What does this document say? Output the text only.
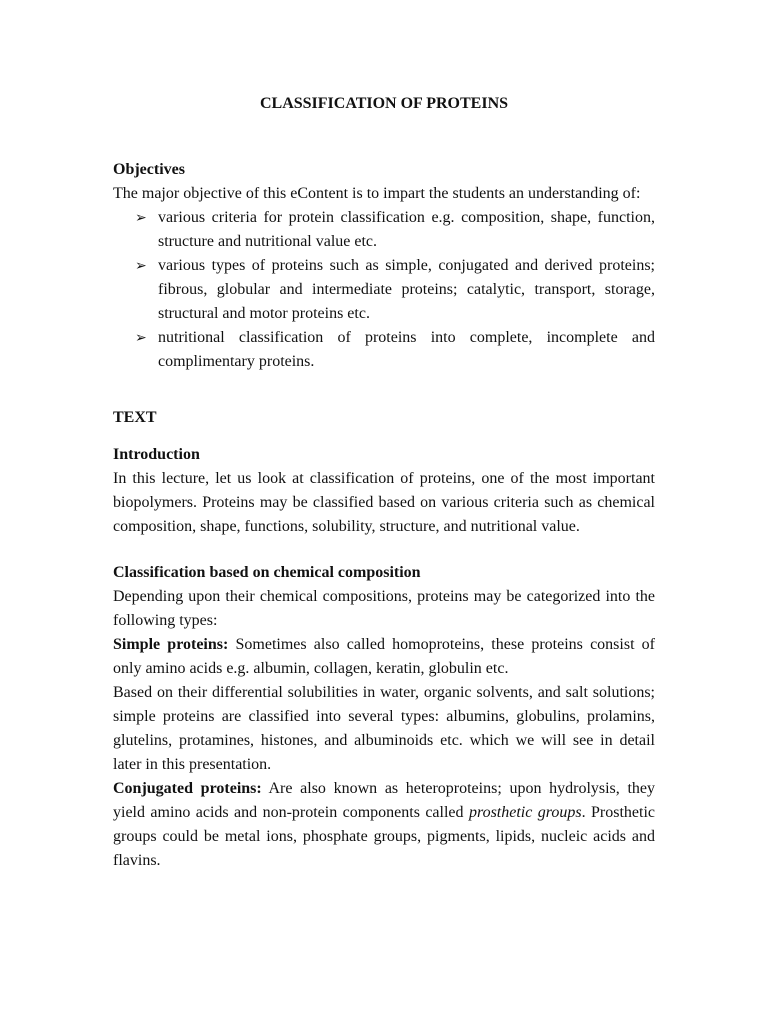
CLASSIFICATION OF PROTEINS
Objectives

The major objective of this eContent is to impart the students an understanding of:

➢ various criteria for protein classification e.g. composition, shape, function, structure and nutritional value etc.
➢ various types of proteins such as simple, conjugated and derived proteins; fibrous, globular and intermediate proteins; catalytic, transport, storage, structural and motor proteins etc.
➢ nutritional classification of proteins into complete, incomplete and complimentary proteins.
TEXT
Introduction

In this lecture, let us look at classification of proteins, one of the most important biopolymers. Proteins may be classified based on various criteria such as chemical composition, shape, functions, solubility, structure, and nutritional value.

Classification based on chemical composition

Depending upon their chemical compositions, proteins may be categorized into the following types:

Simple proteins: Sometimes also called homoproteins, these proteins consist of only amino acids e.g. albumin, collagen, keratin, globulin etc.

Based on their differential solubilities in water, organic solvents, and salt solutions; simple proteins are classified into several types: albumins, globulins, prolamins, glutelins, protamines, histones, and albuminoids etc. which we will see in detail later in this presentation.

Conjugated proteins: Are also known as heteroproteins; upon hydrolysis, they yield amino acids and non-protein components called prosthetic groups. Prosthetic groups could be metal ions, phosphate groups, pigments, lipids, nucleic acids and flavins.
